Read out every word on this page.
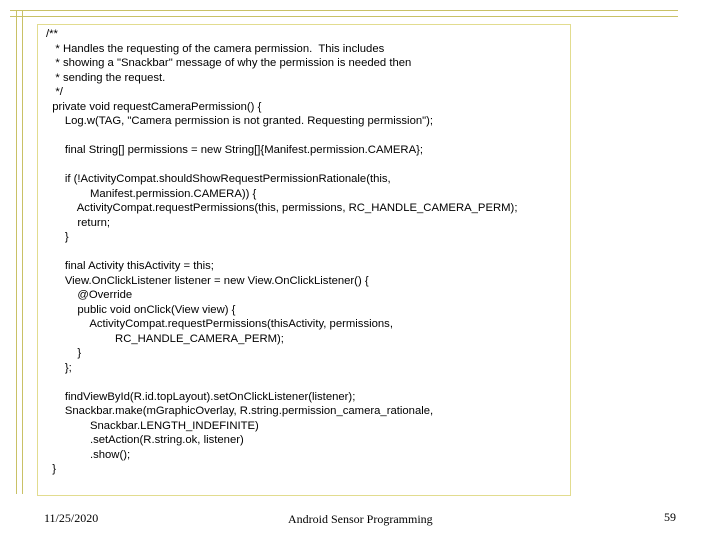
/**
* Handles the requesting of the camera permission.  This includes
* showing a "Snackbar" message of why the permission is needed then
* sending the request.
*/
private void requestCameraPermission() {
Log.w(TAG, "Camera permission is not granted. Requesting permission");
final String[] permissions = new String[]{Manifest.permission.CAMERA};
if (!ActivityCompat.shouldShowRequestPermissionRationale(this,
Manifest.permission.CAMERA)) {
ActivityCompat.requestPermissions(this, permissions, RC_HANDLE_CAMERA_PERM);
return;
}
final Activity thisActivity = this;
View.OnClickListener listener = new View.OnClickListener() {
@Override
public void onClick(View view) {
ActivityCompat.requestPermissions(thisActivity, permissions,
RC_HANDLE_CAMERA_PERM);
}
};
findViewById(R.id.topLayout).setOnClickListener(listener);
Snackbar.make(mGraphicOverlay, R.string.permission_camera_rationale,
Snackbar.LENGTH_INDEFINITE)
.setAction(R.string.ok, listener)
.show();
}
11/25/2020	Android Sensor Programming	59
